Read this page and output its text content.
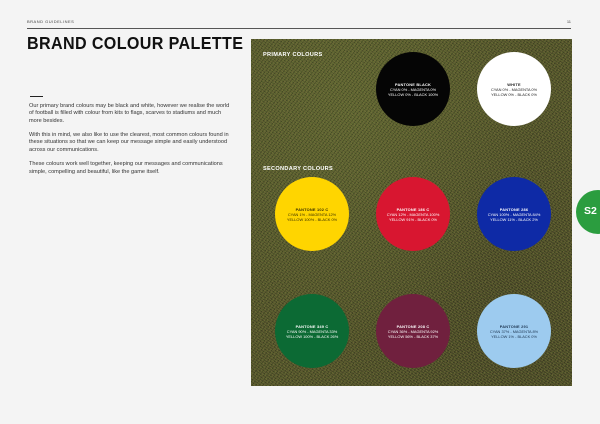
BRAND GUIDELINES	11
BRAND COLOUR PALETTE

Our primary brand colours may be black and white, however we realise the world of football is filled with colour from kits to flags, scarves to stadiums and much more besides.

With this in mind, we also like to use the clearest, most common colours found in these situations so that we can keep our message simple and easily understood across our communications.

These colours work well together, keeping our messages and communications simple, compelling and beautiful, like the game itself.

PRIMARY COLOURS
SECONDARY COLOURS
PANTONE BLACK
CYAN 0% - MAGENTA 0%
YELLOW 0% - BLACK 100%
WHITE
CYAN 0% - MAGENTA 0%
YELLOW 0% - BLACK 0%
PANTONE 102 C
CYAN 1% - MAGENTA 12%
YELLOW 100% - BLACK 0%
PANTONE 186 C
CYAN 12% - MAGENTA 100%
YELLOW 91% - BLACK 0%
PANTONE 286
CYAN 100% - MAGENTA 84%
YELLOW 11% - BLACK 2%
PANTONE 349 C
CYAN 90% - MAGENTA 33%
YELLOW 100% - BLACK 26%
PANTONE 208 C
CYAN 36% - MAGENTA 92%
YELLOW 56% - BLACK 37%
PANTONE 291
CYAN 37% - MAGENTA 8%
YELLOW 1% - BLACK 0%
S2
